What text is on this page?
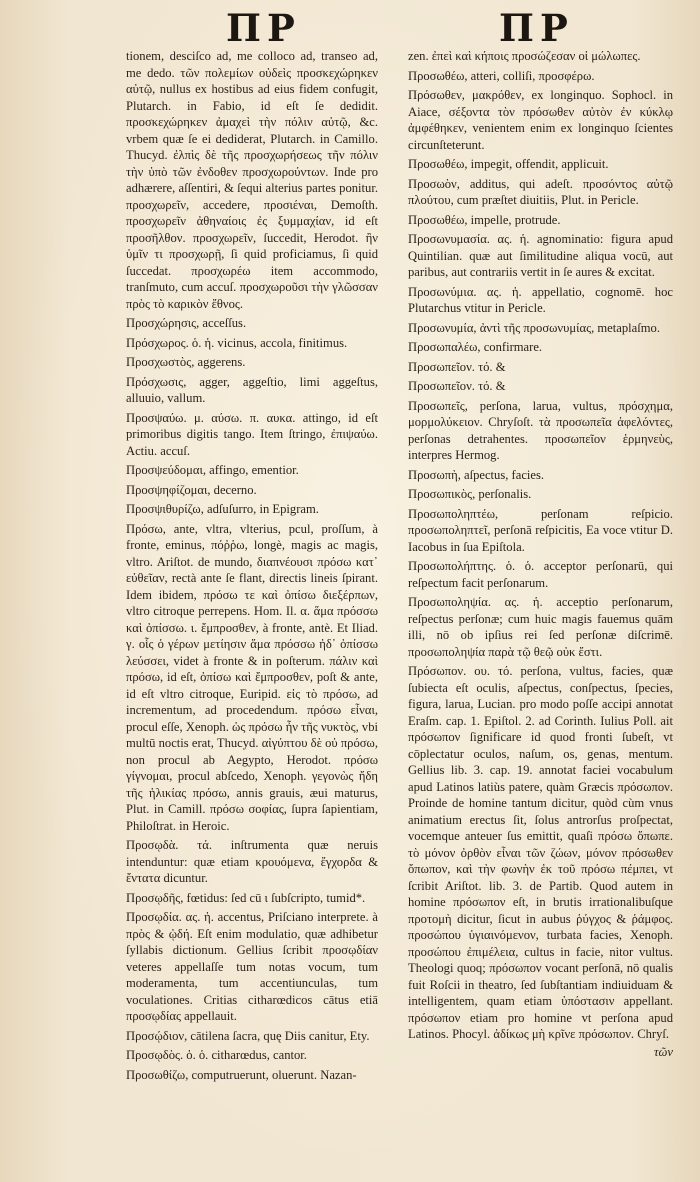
ΠΡ	ΠΡ

tionem, desciſco ad, me colloco ad, transeo ad, me dedo. τῶν πολεμίων οὐδεὶς προσκεχώρηκεν αὐτῷ, nullus ex hostibus ad eius fidem confugit, Plutarch. in Fabio, id eſt ſe dedidit. προσκεχώρηκεν ἀμαχεὶ τὴν πόλιν αὐτῷ, &c. vrbem quæ ſe ei dediderat, Plutarch. in Camillo. Thucyd. ἐλπὶς δὲ τῆς προσχωρήσεως τῆν πόλιν τὴν ὑπὸ τῶν ἐνδοθεν προσχωρούντων. Inde pro adhærere, aſſentiri, & ſequi alterius partes ponitur. προσχωρεῖν, accedere, προσιέναι, Demoſth. προσχωρεῖν ἀθηναίοις ἐς ξυμμαχίαν, id eſt προσῆλθον. προσχωρεῖν, ſuccedit, Herodot. ἢν ὑμῖν τι προσχωρῇ, ſi quid proficiamus, ſi quid ſuccedat. προσχωρέω item accommodo, tranſmuto, cum accuſ. προσχωροῦσι τὴν γλῶσσαν πρὸς τὸ καρικὸν ἔθνος.

Προσχώρησις, acceſſus.

Πρόσχωρος. ὁ. ἡ. vicinus, accola, finitimus.

Προσχωστὸς, aggerens.

Πρόσχωσις, agger, aggeſtio, limi aggeſtus, alluuio, vallum.

Προσψαύω. μ. αύσω. π. αυκα. attingo, id eſt primoribus digitis tango. Item ſtringo, ἐπιψαύω. Actiu. accuſ.

Προσψεύδομαι, affingo, ementior.

Προσψηφίζομαι, decerno.

Προσψιθυρίζω, adſuſurro, in Epigram.

Πρόσω, ante, vltra, vlterius, pcul, proſſum, à fronte, eminus, πόῤῥω, longè, magis ac magis, vltro. Ariſtot. de mundo, διαπνέουσι πρόσω κατ᾽ εὐθεῖαν, rectà ante ſe flant, directis lineis ſpirant. Idem ibidem, πρόσω τε καὶ ὀπίσω διεξέρπων, vltro citroque perrepens. Hom. Il. α. ἅμα πρόσσω καὶ ὀπίσσω. ι. ἔμπροσθεν, à fronte, antè. Et Iliad. γ. οἷς ὁ γέρων μετίησιν ἅμα πρόσσω ἠδ᾽ ὀπίσσω λεύσσει, videt à fronte & in poſterum. πάλιν καὶ πρόσω, id eſt, ὀπίσω καὶ ἔμπροσθεν, poſt & ante, id eſt vltro citroque, Euripid. εἰς τὸ πρόσω, ad incrementum, ad procedendum. πρόσω εἶναι, procul eſſe, Xenoph. ὡς πρόσω ἦν τῆς νυκτὸς, vbi multū noctis erat, Thucyd. αἰγύπτου δὲ οὐ πρόσω, non procul ab Aegypto, Herodot. πρόσω γίγνομαι, procul abſcedo, Xenoph. γεγονὼς ἤδη τῆς ἡλικίας πρόσω, annis grauis, æui maturus, Plut. in Camill. πρόσω σοφίας, ſupra ſapientiam, Philoſtrat. in Heroic.

Προσῳδὰ. τά. inſtrumenta quæ neruis intenduntur: quæ etiam κρουόμενα, ἔγχορδα & ἔντατα dicuntur.

Προσῳδῆς, fœtidus: ſed cū ι ſubſcripto, tumid*.

Προσῳδία. ας. ἡ. accentus, Priſciano interprete. à πρὸς & ᾠδή. Eſt enim modulatio, quæ adhibetur ſyllabis dictionum. Gellius ſcribit προσῳδίαν veteres appellaſſe tum notas vocum, tum moderamenta, tum accentiunculas, tum voculationes. Critias citharœdicos cātus etiā προσῳδίας appellauit.

Προσῴδιον, cātilena ſacra, quę Diis canitur, Ety.

Προσῳδὸς. ὁ. ὁ. citharœdus, cantor.

Προσωθίζω, computruerunt, oluerunt. Nazan-

zen. ἐπεὶ καὶ κήποις προσώζεσαν οἱ μώλωπες.

Προσωθέω, atteri, colliſi, προσφέρω.

Πρόσωθεν, μακρόθεν, ex longinquo. Sophocl. in Aiace, σέξοντα τὸν πρόσωθεν αὐτὸν ἐν κύκλῳ ἀμφέθηκεν, venientem enim ex longinquo ſcientes circunſteterunt.

Προσωθέω, impegit, offendit, applicuit.

Προσωὸν, additus, qui adeſt. προσόντος αὐτῷ πλούτου, cum præſtet diuitiis, Plut. in Pericle.

Προσωθέω, impelle, protrude.

Προσωνυμασία. ας. ἡ. agnominatio: figura apud Quintilian. quæ aut ſimilitudine aliqua vocū, aut paribus, aut contrariis vertit in ſe aures & excitat.

Προσωνύμια. ας. ἡ. appellatio, cognomē. hoc Plutarchus vtitur in Pericle.

Προσωνυμία, ἀντὶ τῆς προσωνυμίας, metaplaſmo.

Προσωπαλέω, confirmare.

Προσωπεῖον. τό. &

Προσωπεῖον. τό. &

Προσωπεῖς, perſona, larua, vultus, πρόσχημα, μορμολύκειον. Chryſoſt. τὰ προσωπεῖα ἀφελόντες, perſonas detrahentes. προσωπεῖον ἑρμηνεὺς, interpres Hermog.

Προσωπὴ, aſpectus, facies.

Προσωπικὸς, perſonalis.

Προσωποληπτέω, perſonam reſpicio. προσωποληπτεῖ, perſonā reſpicitis, Ea voce vtitur D. Iacobus in ſua Epiſtola.

Προσωπολήπτης. ὁ. ὁ. acceptor perſonarū, qui reſpectum facit perſonarum.

Προσωποληψία. ας. ἡ. acceptio perſonarum, reſpectus perſonæ; cum huic magis fauemus quām illi, nō ob ipſius rei ſed perſonæ diſcrimē. προσωποληψία παρὰ τῷ θεῷ οὐκ ἔστι.

Πρόσωπον. ου. τό. perſona, vultus, facies, quæ ſubiecta eſt oculis, aſpectus, conſpectus, ſpecies, figura, larua, Lucian. pro modo poſſe accipi annotat Eraſm. cap. 1. Epiſtol. 2. ad Corinth. Iulius Poll. ait πρόσωπον ſignificare id quod fronti ſubeſt, vt cōplectatur oculos, naſum, os, genas, mentum. Gellius lib. 3. cap. 19. annotat faciei vocabulum apud Latinos latiùs patere, quàm Græcis πρόσωπον. Proinde de homine tantum dicitur, quòd cùm vnus animatium erectus ſit, ſolus antrorſus proſpectat, vocemque anteuer ſus emittit, quaſi πρόσω ὄπωπε. τὸ μόνον ὀρθὸν εἶναι τῶν ζώων, μόνον πρόσωθεν ὄπωπον, καὶ τὴν φωνὴν ἐκ τοῦ πρόσω πέμπει, vt ſcribit Ariſtot. lib. 3. de Partib. Quod autem in homine πρόσωπον eſt, in brutis irrationalibuſque προτομὴ dicitur, ſicut in aubus ῥύγχος & ῥάμφος. προσώπου ὑγιαινόμενον, turbata facies, Xenoph. προσώπου ἐπιμέλεια, cultus in facie, nitor vultus. Theologi quoq; πρόσωπον vocant perſonā, nō qualis fuit Roſcii in theatro, ſed ſubſtantiam indiuiduam & intelligentem, quam etiam ὑπόστασιν appellant. πρόσωπον etiam pro homine vt perſona apud Latinos. Phocyl. ἀδίκως μὴ κρῖνε πρόσωπον. Chryſ.

τῶν
